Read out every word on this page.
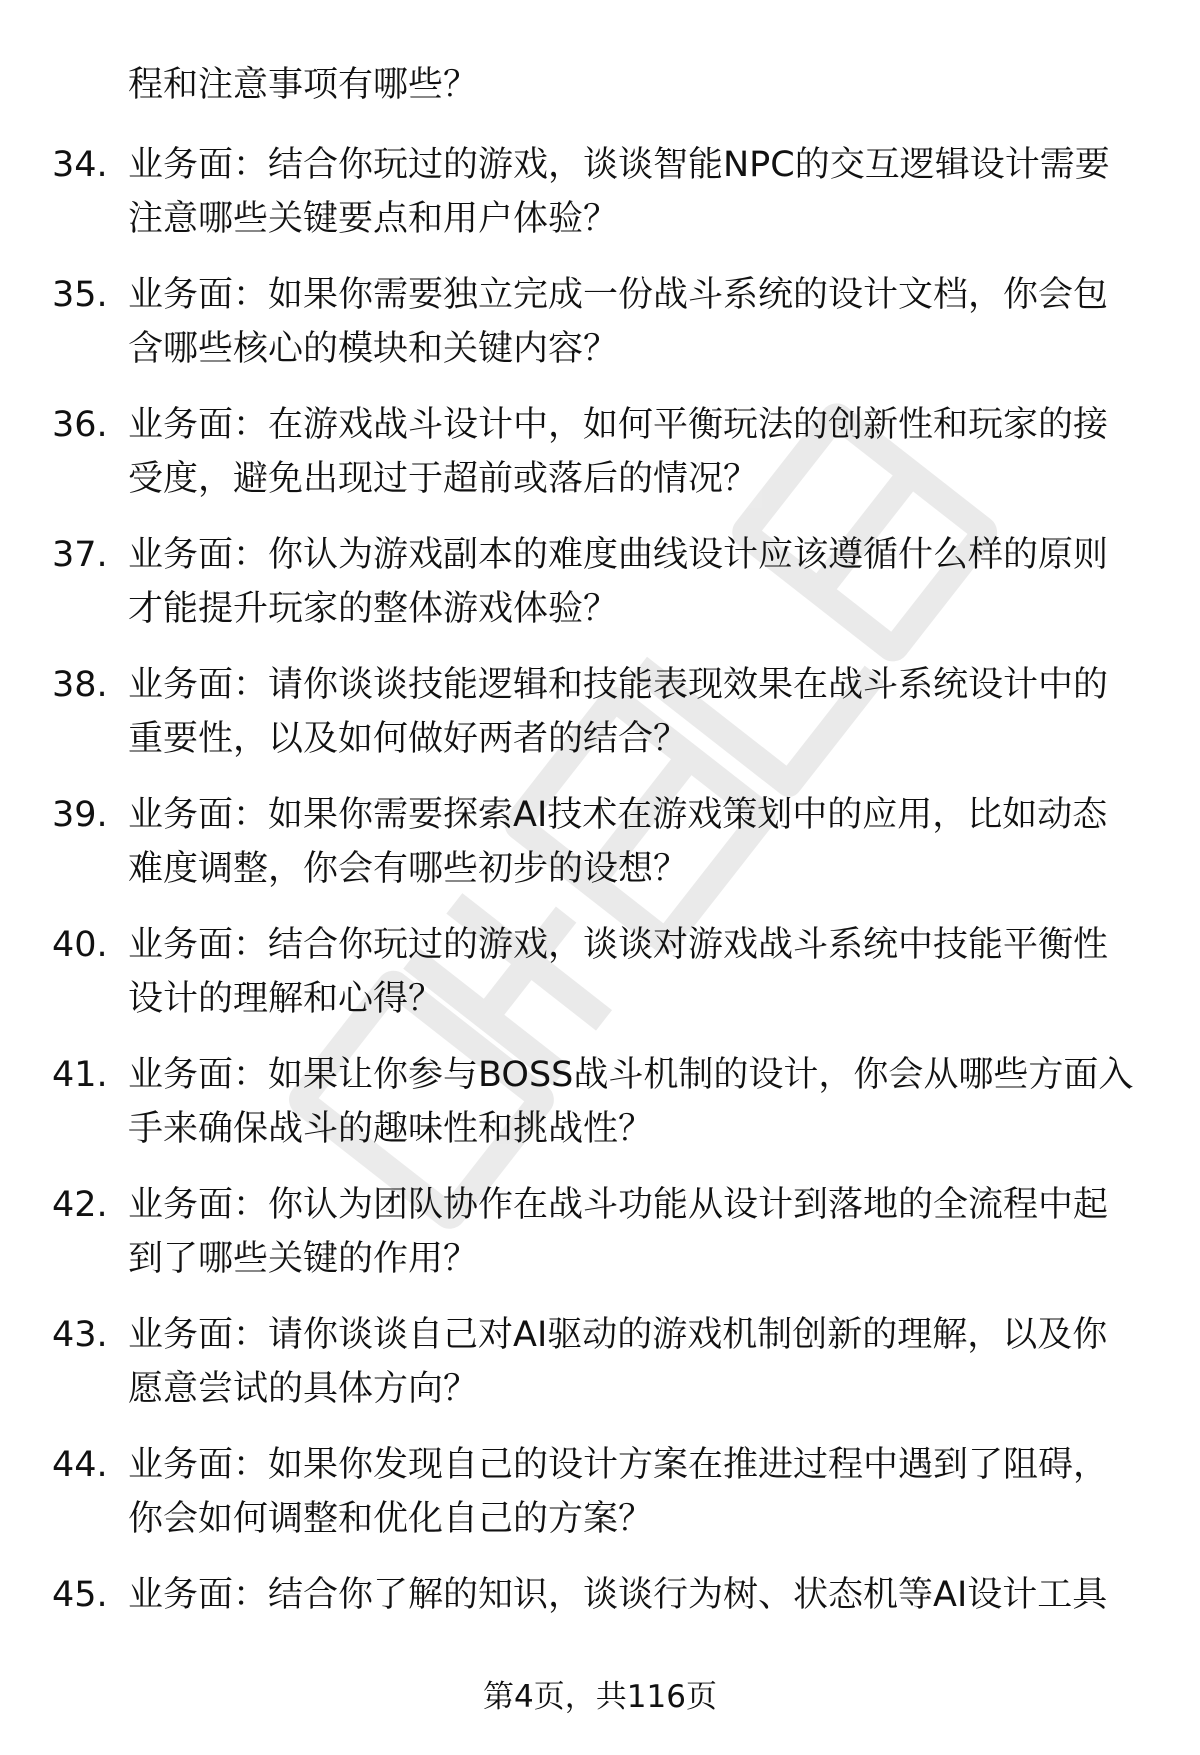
程和注意事项有哪些？
34. 业务面：结合你玩过的游戏，谈谈智能NPC的交互逻辑设计需要
注意哪些关键要点和用户体验？
35. 业务面：如果你需要独立完成一份战斗系统的设计文档，你会包
含哪些核心的模块和关键内容？
36. 业务面：在游戏战斗设计中，如何平衡玩法的创新性和玩家的接
受度，避免出现过于超前或落后的情况？
37. 业务面：你认为游戏副本的难度曲线设计应该遵循什么样的原则
才能提升玩家的整体游戏体验？
38. 业务面：请你谈谈技能逻辑和技能表现效果在战斗系统设计中的
重要性，以及如何做好两者的结合？
39. 业务面：如果你需要探索AI技术在游戏策划中的应用，比如动态
难度调整，你会有哪些初步的设想？
40. 业务面：结合你玩过的游戏，谈谈对游戏战斗系统中技能平衡性
设计的理解和心得？
41. 业务面：如果让你参与BOSS战斗机制的设计，你会从哪些方面入
手来确保战斗的趣味性和挑战性？
42. 业务面：你认为团队协作在战斗功能从设计到落地的全流程中起
到了哪些关键的作用？
43. 业务面：请你谈谈自己对AI驱动的游戏机制创新的理解，以及你
愿意尝试的具体方向？
44. 业务面：如果你发现自己的设计方案在推进过程中遇到了阻碍，
你会如何调整和优化自己的方案？
45. 业务面：结合你了解的知识，谈谈行为树、状态机等AI设计工具
第4页，共116页
